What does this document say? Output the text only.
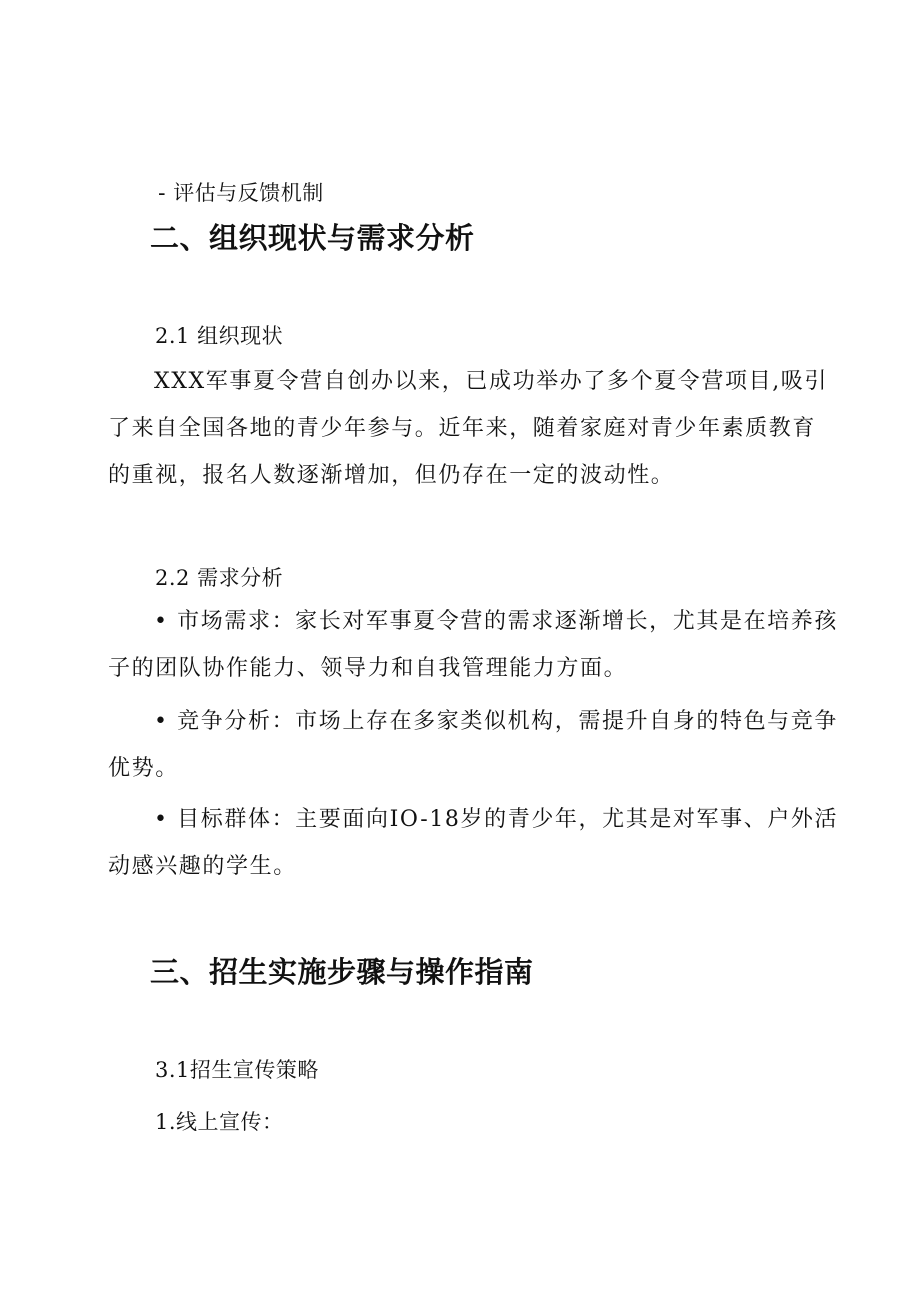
- 评估与反馈机制
二、组织现状与需求分析
2.1 组织现状
XXX军事夏令营自创办以来，已成功举办了多个夏令营项目,吸引
了来自全国各地的青少年参与。近年来，随着家庭对青少年素质教育
的重视，报名人数逐渐增加，但仍存在一定的波动性。
2.2 需求分析
• 市场需求：家长对军事夏令营的需求逐渐增长，尤其是在培养孩
子的团队协作能力、领导力和自我管理能力方面。
• 竞争分析：市场上存在多家类似机构，需提升自身的特色与竞争
优势。
• 目标群体：主要面向IO-18岁的青少年，尤其是对军事、户外活
动感兴趣的学生。
三、招生实施步骤与操作指南
3.1招生宣传策略
1.线上宣传：
